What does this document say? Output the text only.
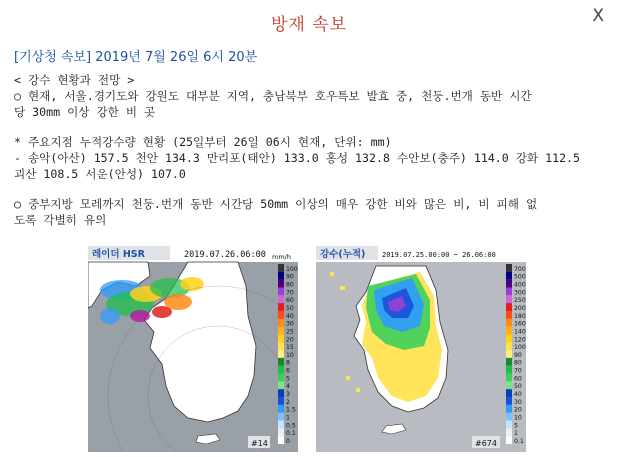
방재 속보	X
[기상청 속보] 2019년 7월 26일 6시 20분

< 강수 현황과 전망 >
○ 현재, 서울.경기도와 강원도 대부분 지역, 충남북부 호우특보 발효 중, 천둥.번개 동반 시간
당 30mm 이상 강한 비 곳

* 주요지점 누적강수량 현황 (25일부터 26일 06시 현재, 단위: mm)
- 송악(아산) 157.5 천안 134.3 만리포(태안) 133.0 홍성 132.8 수안보(충주) 114.0 강화 112.5
괴산 108.5 서운(안성) 107.0

○ 중부지방 모레까지 천둥.번개 동반 시간당 50mm 이상의 매우 강한 비와 많은 비, 비 피해 없
도록 각별히 유의

레이더 HSR	2019.07.26.06:00 mm/h
100
90
80
70
60
50
40
30
25
20
15
10
8
6
5
4
3
2
1.5
1
0.5
0.1
0
#14
강수(누적) 2019.07.25.00:00 ~ 26.06:00
700
500
400
300
250
200
180
160
140
120
100
90
80
70
60
50
40
30
20
10
5
1
0.1
#674
